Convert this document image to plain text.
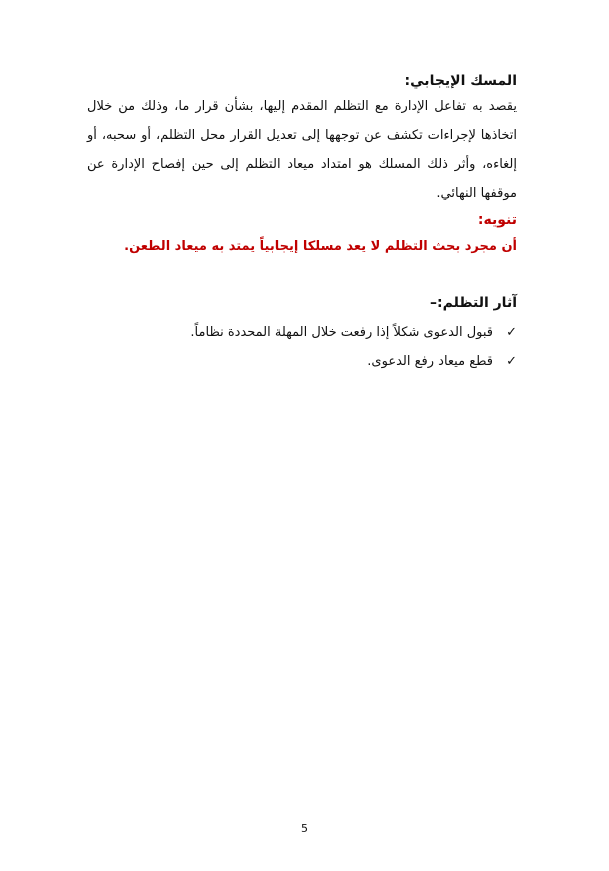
المسك الإيجابي:

يقصد به تفاعل الإدارة مع التظلم المقدم إليها، بشأن قرار ما، وذلك من خلال اتخاذها لإجراءات تكشف عن توجهها إلى تعديل القرار محل التظلم، أو سحبه، أو إلغاءه، وأثر ذلك المسلك هو امتداد ميعاد التظلم إلى حين إفصاح الإدارة عن موقفها النهائي.

تنويه:

أن مجرد بحث التظلم لا يعد مسلكا إيجابياً يمتد به ميعاد الطعن.

آثار التظلم:–
✓
قبول الدعوى شكلاً إذا رفعت خلال المهلة المحددة نظاماً.
✓
قطع ميعاد رفع الدعوى.
5
